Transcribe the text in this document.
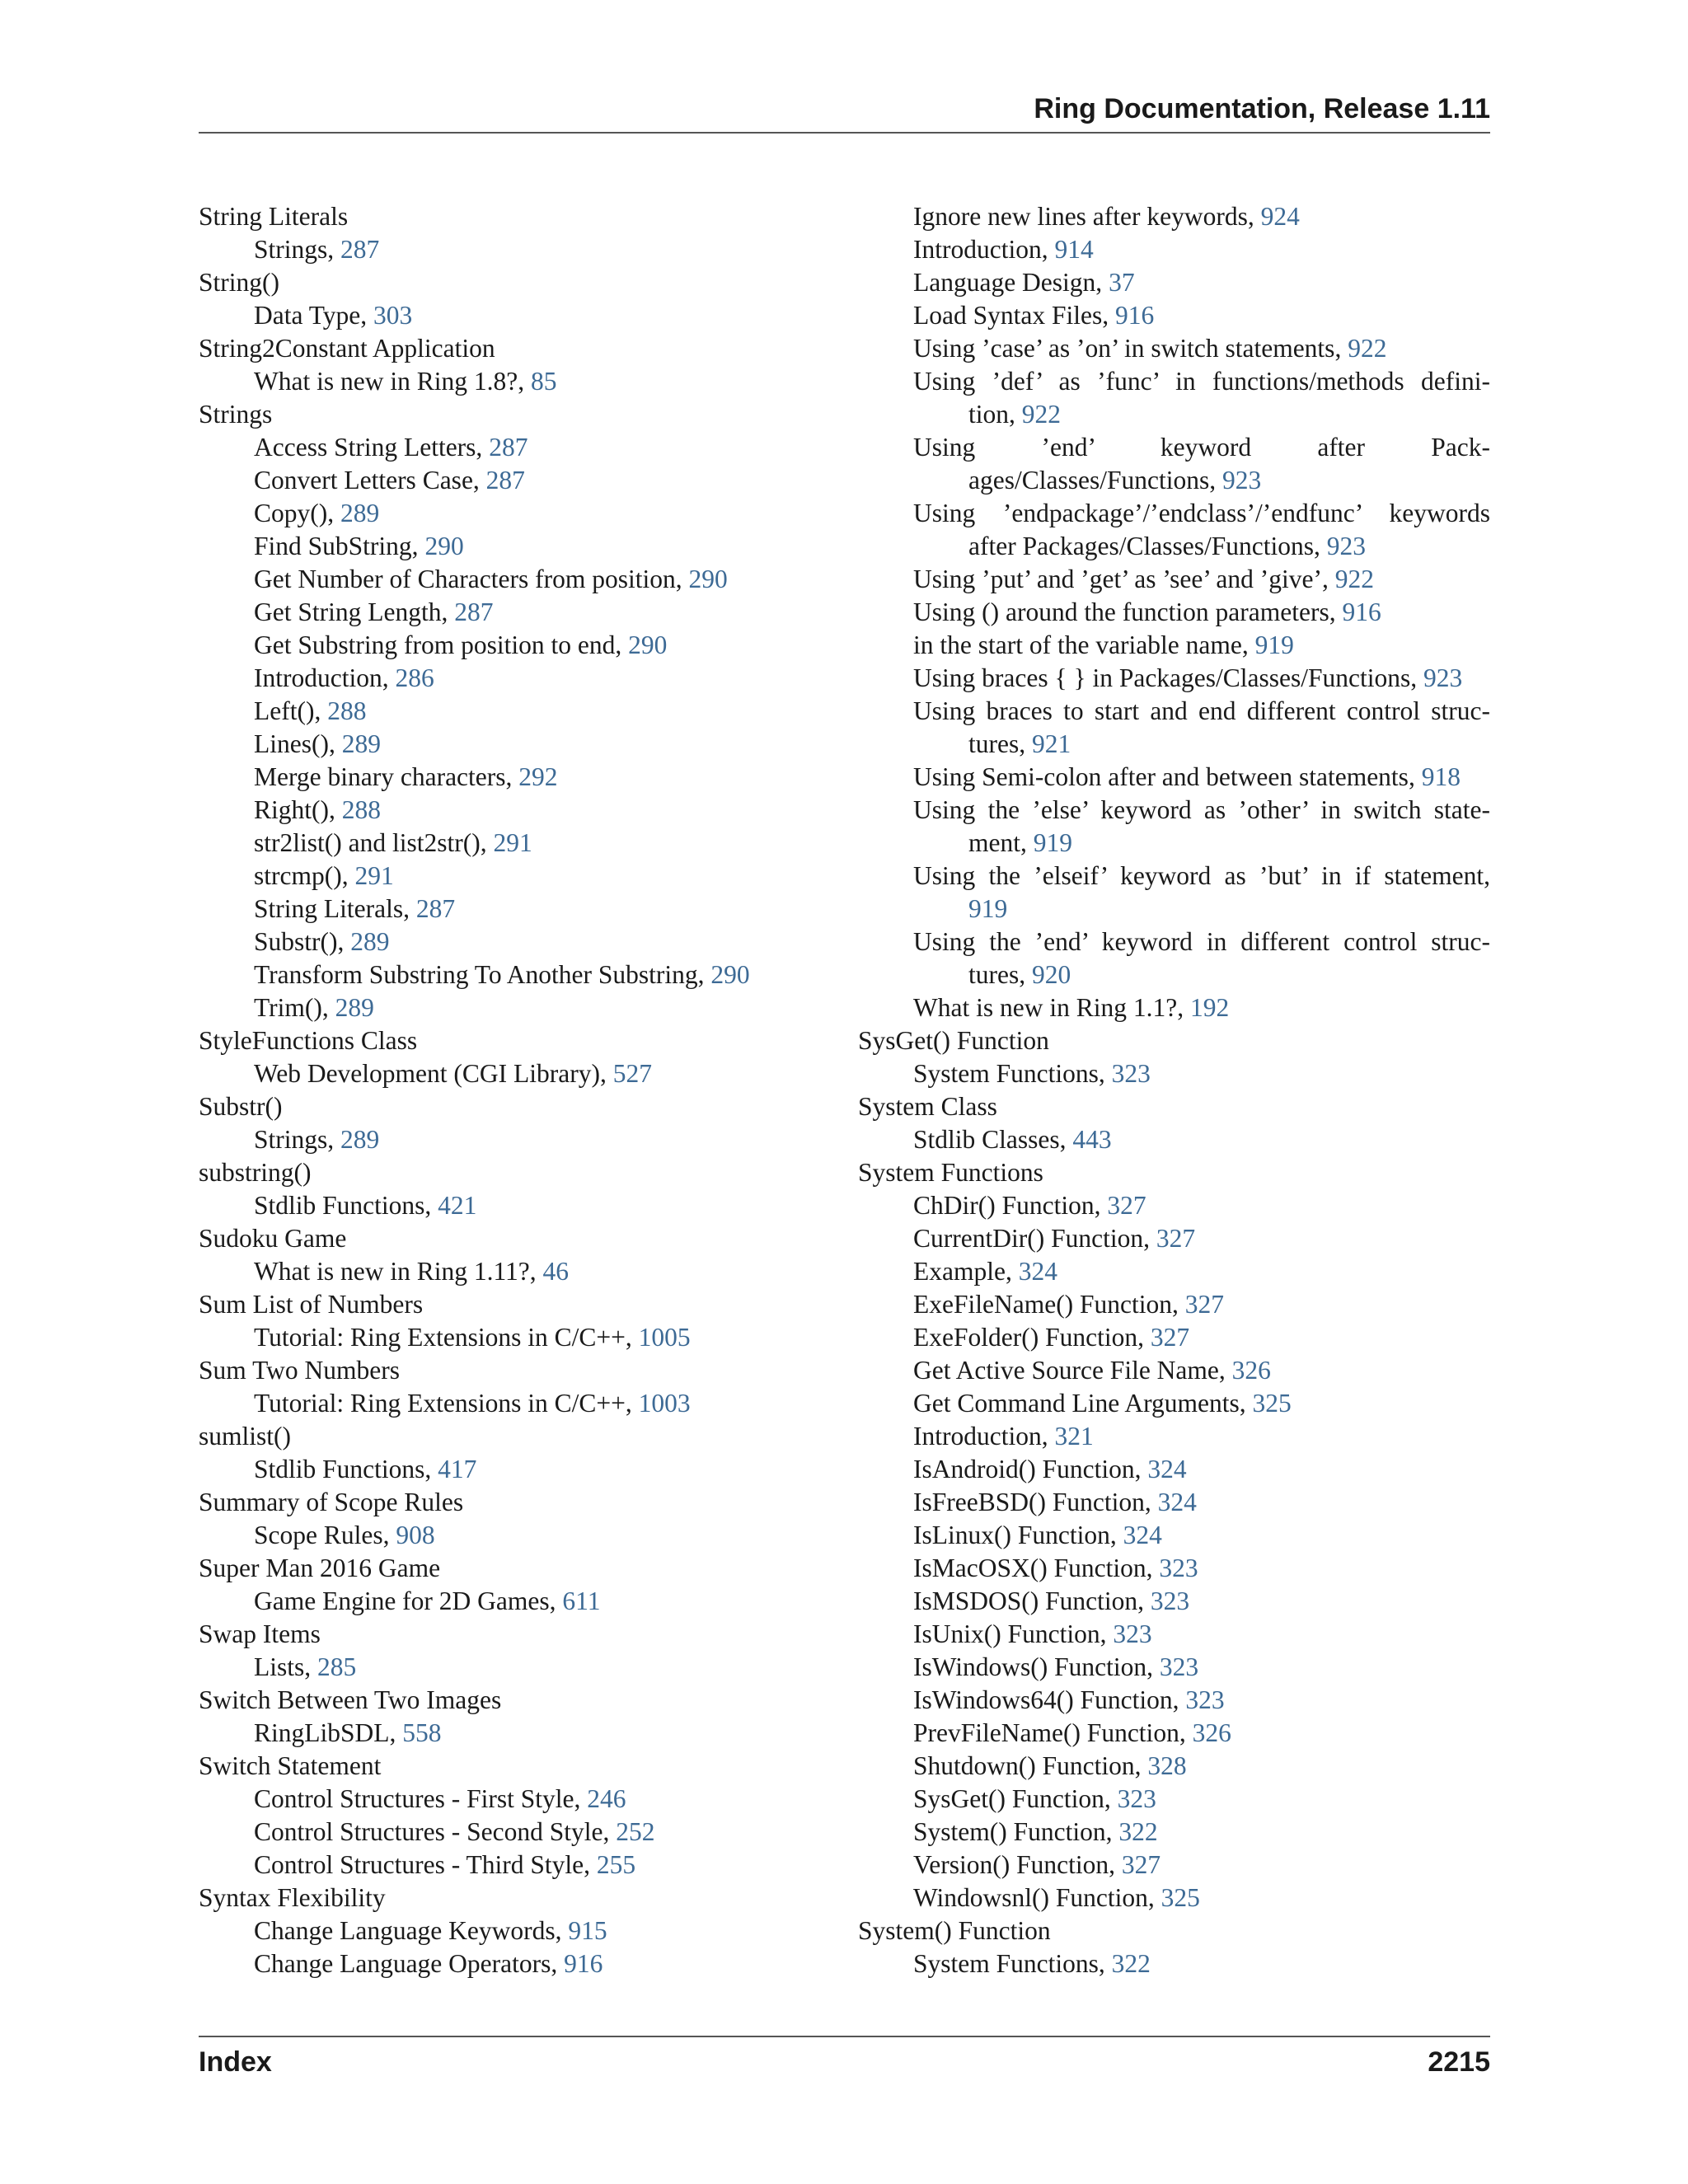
Ring Documentation, Release 1.11
String Literals
Strings, 287
String()
Data Type, 303
String2Constant Application
What is new in Ring 1.8?, 85
Strings
Access String Letters, 287
Convert Letters Case, 287
Copy(), 289
Find SubString, 290
Get Number of Characters from position, 290
Get String Length, 287
Get Substring from position to end, 290
Introduction, 286
Left(), 288
Lines(), 289
Merge binary characters, 292
Right(), 288
str2list() and list2str(), 291
strcmp(), 291
String Literals, 287
Substr(), 289
Transform Substring To Another Substring, 290
Trim(), 289
StyleFunctions Class
Web Development (CGI Library), 527
Substr()
Strings, 289
substring()
Stdlib Functions, 421
Sudoku Game
What is new in Ring 1.11?, 46
Sum List of Numbers
Tutorial: Ring Extensions in C/C++, 1005
Sum Two Numbers
Tutorial: Ring Extensions in C/C++, 1003
sumlist()
Stdlib Functions, 417
Summary of Scope Rules
Scope Rules, 908
Super Man 2016 Game
Game Engine for 2D Games, 611
Swap Items
Lists, 285
Switch Between Two Images
RingLibSDL, 558
Switch Statement
Control Structures - First Style, 246
Control Structures - Second Style, 252
Control Structures - Third Style, 255
Syntax Flexibility
Change Language Keywords, 915
Change Language Operators, 916
Ignore new lines after keywords, 924
Introduction, 914
Language Design, 37
Load Syntax Files, 916
Using ’case’ as ’on’ in switch statements, 922
Using ’def’ as ’func’ in functions/methods defini-
tion, 922
Using ’end’ keyword after Pack-
ages/Classes/Functions, 923
Using ’endpackage’/’endclass’/’endfunc’ keywords
after Packages/Classes/Functions, 923
Using ’put’ and ’get’ as ’see’ and ’give’, 922
Using () around the function parameters, 916
in the start of the variable name, 919
Using braces { } in Packages/Classes/Functions, 923
Using braces to start and end different control struc-
tures, 921
Using Semi-colon after and between statements, 918
Using the ’else’ keyword as ’other’ in switch state-
ment, 919
Using the ’elseif’ keyword as ’but’ in if statement,
919
Using the ’end’ keyword in different control struc-
tures, 920
What is new in Ring 1.1?, 192
SysGet() Function
System Functions, 323
System Class
Stdlib Classes, 443
System Functions
ChDir() Function, 327
CurrentDir() Function, 327
Example, 324
ExeFileName() Function, 327
ExeFolder() Function, 327
Get Active Source File Name, 326
Get Command Line Arguments, 325
Introduction, 321
IsAndroid() Function, 324
IsFreeBSD() Function, 324
IsLinux() Function, 324
IsMacOSX() Function, 323
IsMSDOS() Function, 323
IsUnix() Function, 323
IsWindows() Function, 323
IsWindows64() Function, 323
PrevFileName() Function, 326
Shutdown() Function, 328
SysGet() Function, 323
System() Function, 322
Version() Function, 327
Windowsnl() Function, 325
System() Function
System Functions, 322
Index	2215
